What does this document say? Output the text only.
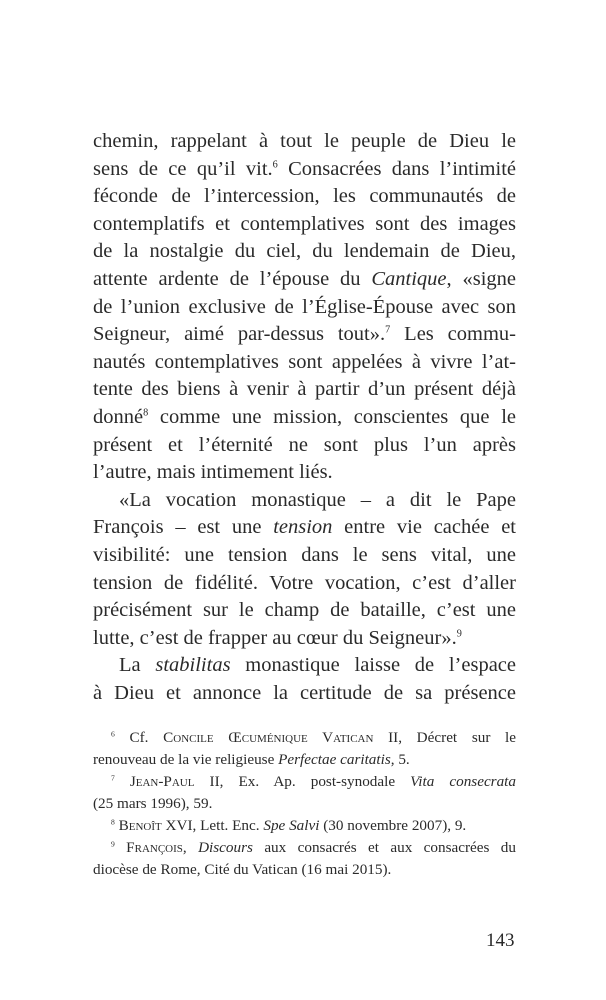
chemin, rappelant à tout le peuple de Dieu le
sens de ce qu’il vit.$^6$ Consacrées dans l’intimité
féconde de l’intercession, les communautés de
contemplatifs et contemplatives sont des images
de la nostalgie du ciel, du lendemain de Dieu,
attente ardente de l’épouse du Cantique, «signe
de l’union exclusive de l’Église-Épouse avec son
Seigneur, aimé par-dessus tout».$^7$ Les commu-
nautés contemplatives sont appelées à vivre l’at-
tente des biens à venir à partir d’un présent déjà
donné$^8$ comme une mission, conscientes que le
présent et l’éternité ne sont plus l’un après
l’autre, mais intimement liés.
«La vocation monastique – a dit le Pape
François – est une tension entre vie cachée et
visibilité: une tension dans le sens vital, une
tension de fidélité. Votre vocation, c’est d’aller
précisément sur le champ de bataille, c’est une
lutte, c’est de frapper au cœur du Seigneur».$^9$
La stabilitas monastique laisse de l’espace
à Dieu et annonce la certitude de sa présence
$^6$ Cf. Concile Œcuménique Vatican II, Décret sur le
renouveau de la vie religieuse Perfectae caritatis, 5.
$^7$ Jean-Paul II, Ex. Ap. post-synodale Vita consecrata
(25 mars 1996), 59.
$^8$ Benoît XVI, Lett. Enc. Spe Salvi (30 novembre 2007), 9.
$^9$ François, Discours aux consacrés et aux consacrées du
diocèse de Rome, Cité du Vatican (16 mai 2015).
143
